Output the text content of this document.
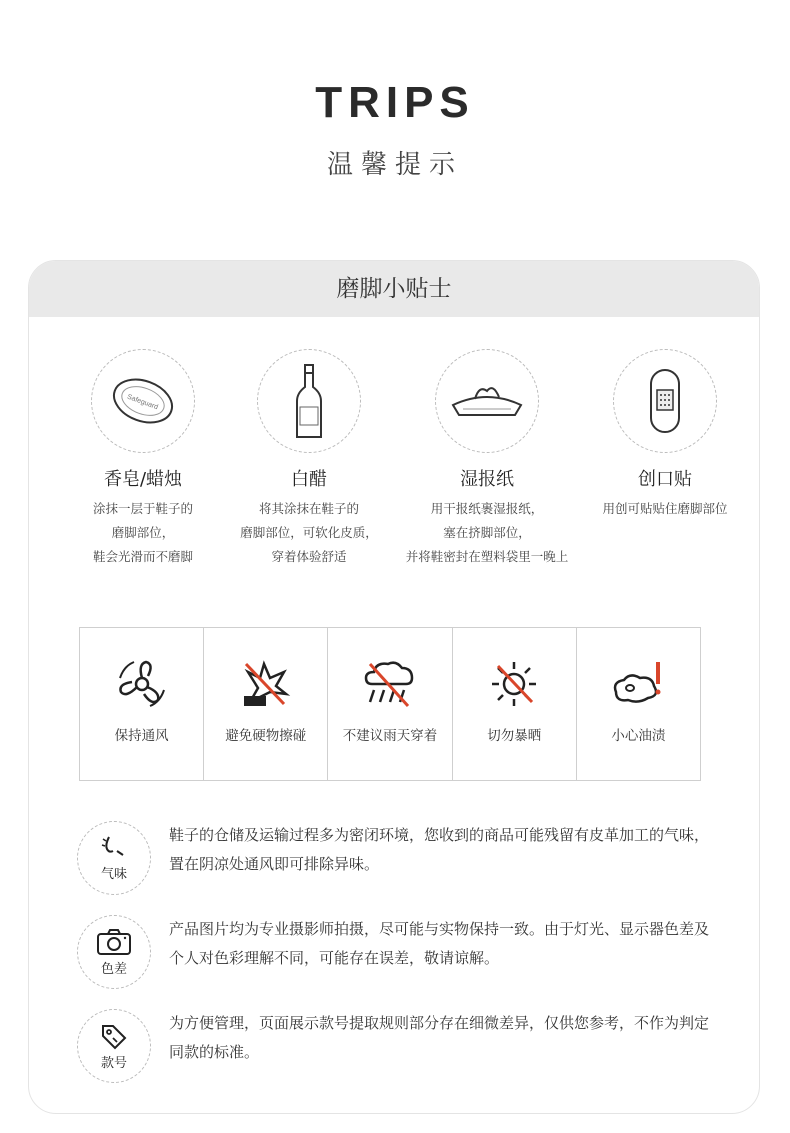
TRIPS
温馨提示
磨脚小贴士
Safeguard
香皂/蜡烛
涂抹一层于鞋子的
磨脚部位，
鞋会光滑而不磨脚
白醋
将其涂抹在鞋子的
磨脚部位，可软化皮质，
穿着体验舒适
湿报纸
用干报纸裹湿报纸，
塞在挤脚部位，
并将鞋密封在塑料袋里一晚上
创口贴
用创可贴贴住磨脚部位
保持通风	避免硬物擦碰	不建议雨天穿着	切勿暴晒	小心油渍
气味
鞋子的仓储及运输过程多为密闭环境，您收到的商品可能残留有皮革加工的气味，置在阴凉处通风即可排除异味。
色差
产品图片均为专业摄影师拍摄，尽可能与实物保持一致。由于灯光、显示器色差及个人对色彩理解不同，可能存在误差，敬请谅解。
款号
为方便管理，页面展示款号提取规则部分存在细微差异，仅供您参考，不作为判定同款的标准。
